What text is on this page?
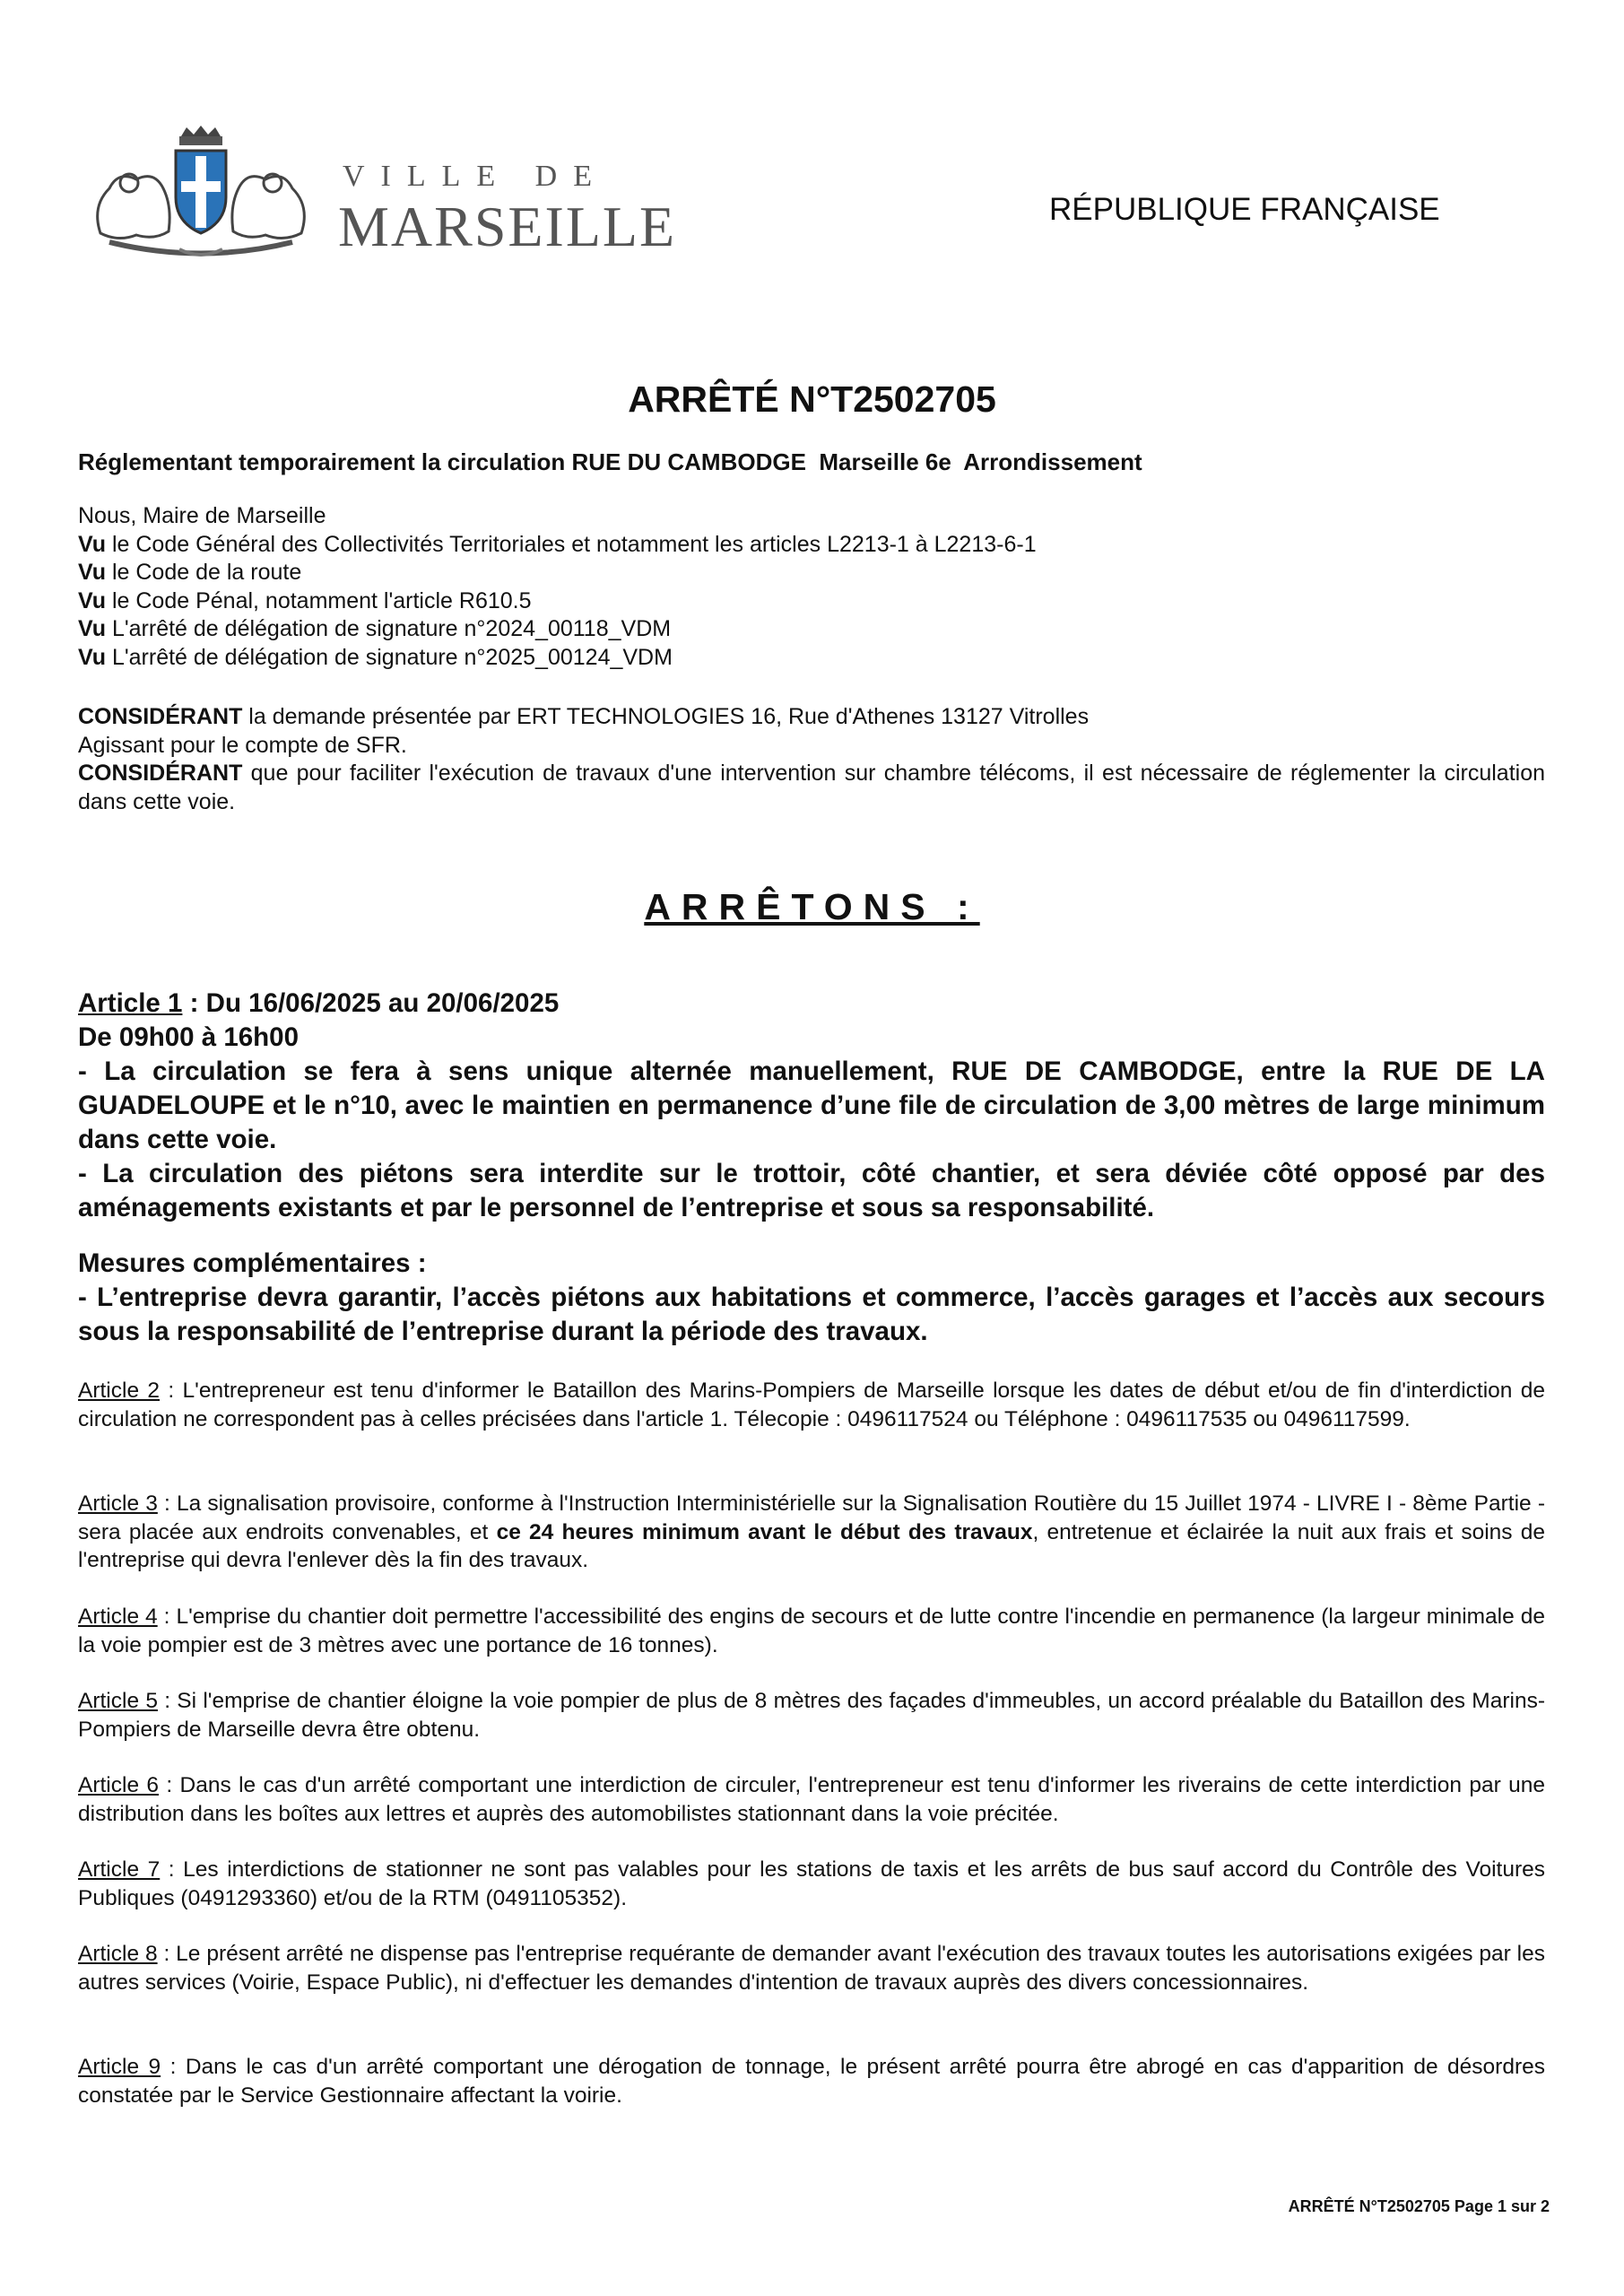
VILLE DE
MARSEILLE	RÉPUBLIQUE FRANÇAISE
ARRÊTÉ N°T2502705
Réglementant temporairement la circulation RUE DU CAMBODGE  Marseille 6e  Arrondissement
Nous, Maire de Marseille
Vu le Code Général des Collectivités Territoriales et notamment les articles L2213-1 à L2213-6-1
Vu le Code de la route
Vu le Code Pénal, notamment l'article R610.5
Vu L'arrêté de délégation de signature n°2024_00118_VDM
Vu L'arrêté de délégation de signature n°2025_00124_VDM
CONSIDÉRANT la demande présentée par ERT TECHNOLOGIES 16, Rue d'Athenes 13127 Vitrolles
Agissant pour le compte de SFR.
CONSIDÉRANT que pour faciliter l'exécution de travaux d'une intervention sur chambre télécoms, il est nécessaire de réglementer la circulation dans cette voie.
ARRÊTONS :
Article 1 : Du 16/06/2025 au 20/06/2025
De 09h00 à 16h00
- La circulation se fera à sens unique alternée manuellement, RUE DE CAMBODGE, entre la RUE DE LA GUADELOUPE et le n°10, avec le maintien en permanence d’une file de circulation de 3,00 mètres de large minimum dans cette voie.
- La circulation des piétons sera interdite sur le trottoir, côté chantier, et sera déviée côté opposé par des aménagements existants et par le personnel de l’entreprise et sous sa responsabilité.
Mesures complémentaires :
- L’entreprise devra garantir, l’accès piétons aux habitations et commerce, l’accès garages et l’accès aux secours sous la responsabilité de l’entreprise durant la période des travaux.
Article 2 : L'entrepreneur est tenu d'informer le Bataillon des Marins-Pompiers de Marseille lorsque les dates de début et/ou de fin d'interdiction de circulation ne correspondent pas à celles précisées dans l'article 1. Télecopie : 0496117524 ou Téléphone : 0496117535 ou 0496117599.
Article 3 : La signalisation provisoire, conforme à l'Instruction Interministérielle sur la Signalisation Routière du 15 Juillet 1974 - LIVRE I - 8ème Partie - sera placée aux endroits convenables, et ce 24 heures minimum avant le début des travaux, entretenue et éclairée la nuit aux frais et soins de l'entreprise qui devra l'enlever dès la fin des travaux.
Article 4 : L'emprise du chantier doit permettre l'accessibilité des engins de secours et de lutte contre l'incendie en permanence (la largeur minimale de la voie pompier est de 3 mètres avec une portance de 16 tonnes).
Article 5 : Si l'emprise de chantier éloigne la voie pompier de plus de 8 mètres des façades d'immeubles, un accord préalable du Bataillon des Marins-Pompiers de Marseille devra être obtenu.
Article 6 : Dans le cas d'un arrêté comportant une interdiction de circuler, l'entrepreneur est tenu d'informer les riverains de cette interdiction par une distribution dans les boîtes aux lettres et auprès des automobilistes stationnant dans la voie précitée.
Article 7 : Les interdictions de stationner ne sont pas valables pour les stations de taxis et les arrêts de bus sauf accord du Contrôle des Voitures Publiques (0491293360) et/ou de la RTM (0491105352).
Article 8 : Le présent arrêté ne dispense pas l'entreprise requérante de demander avant l'exécution des travaux toutes les autorisations exigées par les autres services (Voirie, Espace Public), ni d'effectuer les demandes d'intention de travaux auprès des divers concessionnaires.
Article 9 : Dans le cas d'un arrêté comportant une dérogation de tonnage, le présent arrêté pourra être abrogé en cas d'apparition de désordres constatée par le Service Gestionnaire affectant la voirie.
ARRÊTÉ N°T2502705 Page 1 sur 2
